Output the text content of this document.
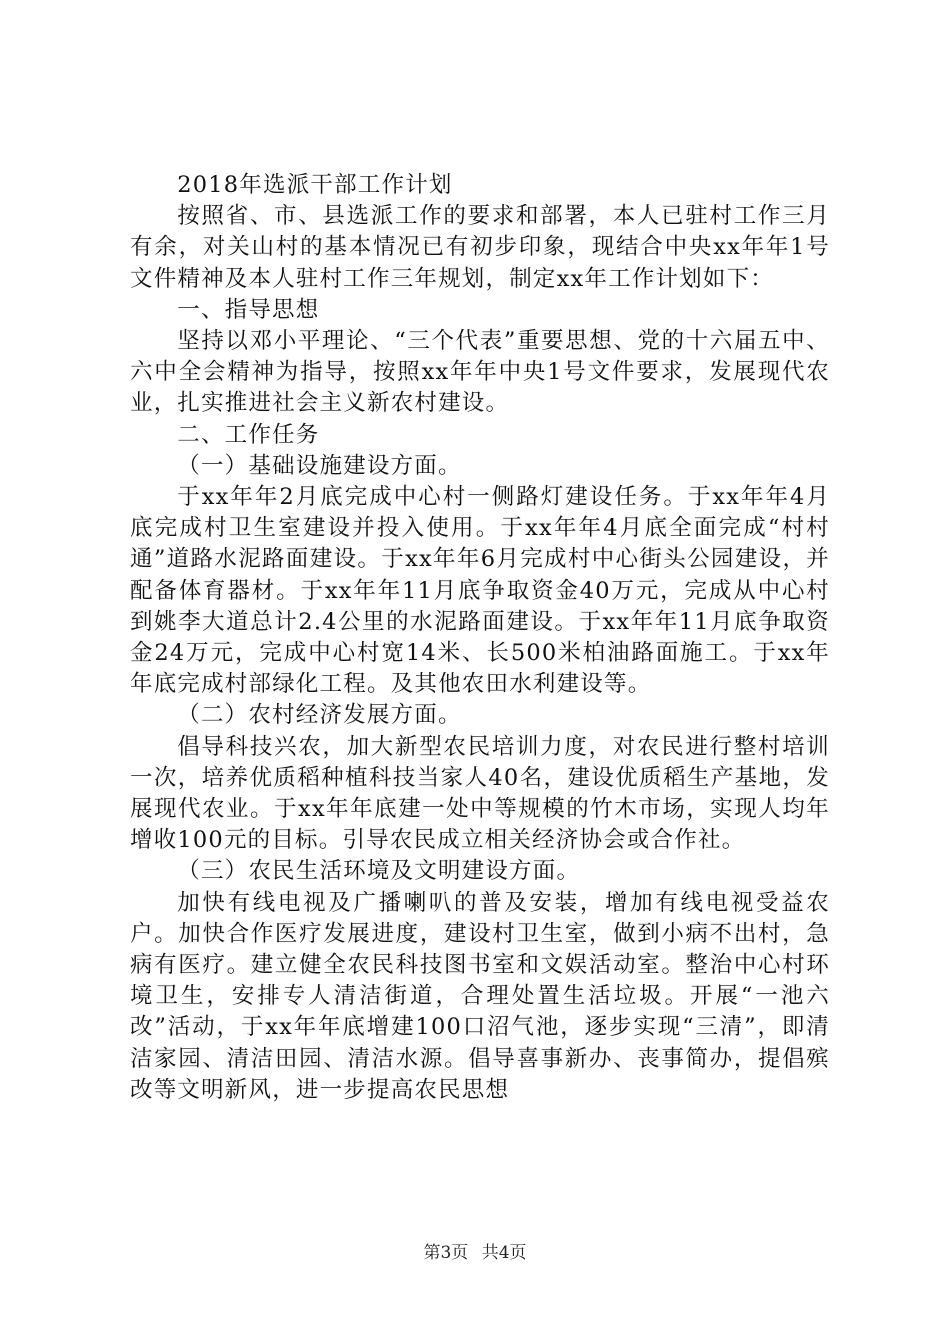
2018年选派干部工作计划

按照省、市、县选派工作的要求和部署，本人已驻村工作三月有余，对关山村的基本情况已有初步印象，现结合中央xx年年1号文件精神及本人驻村工作三年规划，制定xx年工作计划如下：

一、指导思想

坚持以邓小平理论、“三个代表”重要思想、党的十六届五中、六中全会精神为指导，按照xx年年中央1号文件要求，发展现代农业，扎实推进社会主义新农村建设。

二、工作任务

（一）基础设施建设方面。

于xx年年2月底完成中心村一侧路灯建设任务。于xx年年4月底完成村卫生室建设并投入使用。于xx年年4月底全面完成“村村通”道路水泥路面建设。于xx年年6月完成村中心街头公园建设，并配备体育器材。于xx年年11月底争取资金40万元，完成从中心村到姚李大道总计2.4公里的水泥路面建设。于xx年年11月底争取资金24万元，完成中心村宽14米、长500米柏油路面施工。于xx年年底完成村部绿化工程。及其他农田水利建设等。

（二）农村经济发展方面。

倡导科技兴农，加大新型农民培训力度，对农民进行整村培训一次，培养优质稻种植科技当家人40名，建设优质稻生产基地，发展现代农业。于xx年年底建一处中等规模的竹木市场，实现人均年增收100元的目标。引导农民成立相关经济协会或合作社。

（三）农民生活环境及文明建设方面。

加快有线电视及广播喇叭的普及安装，增加有线电视受益农户。加快合作医疗发展进度，建设村卫生室，做到小病不出村，急病有医疗。建立健全农民科技图书室和文娱活动室。整治中心村环境卫生，安排专人清洁街道，合理处置生活垃圾。开展“一池六改”活动，于xx年年底增建100口沼气池，逐步实现“三清”，即清洁家园、清洁田园、清洁水源。倡导喜事新办、丧事简办，提倡殡改等文明新风，进一步提高农民思想

第3页 共4页
